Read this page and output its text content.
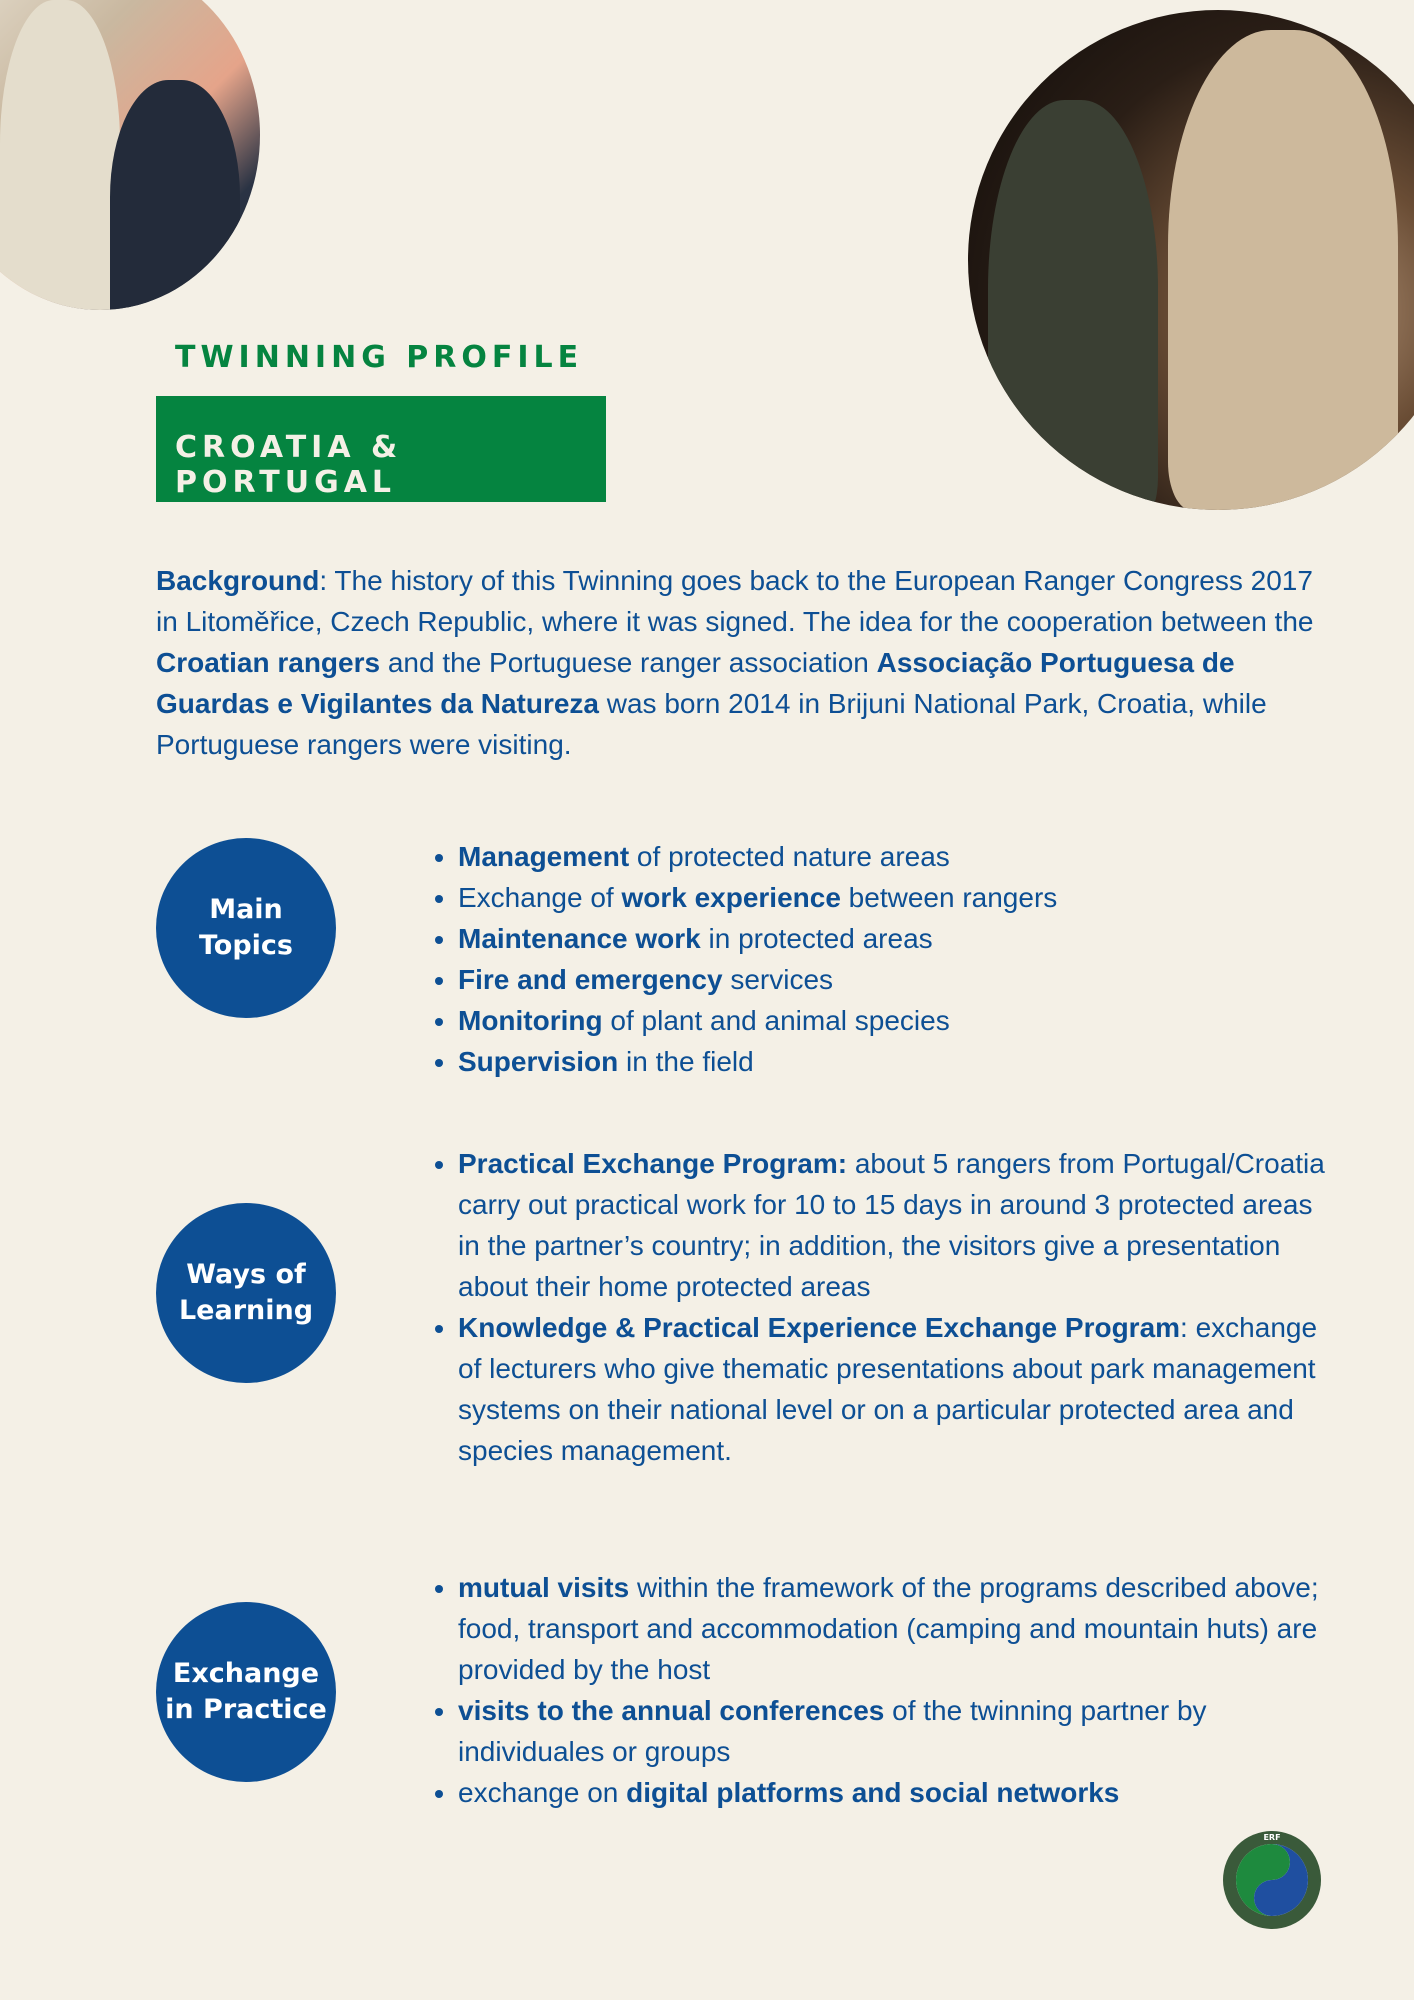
TWINNING PROFILE
CROATIA & PORTUGAL
Background: The history of this Twinning goes back to the European Ranger Congress 2017 in Litoměřice, Czech Republic, where it was signed. The idea for the cooperation between the Croatian rangers and the Portuguese ranger association Associação Portuguesa de Guardas e Vigilantes da Natureza was born 2014 in Brijuni National Park, Croatia, while Portuguese rangers were visiting.
Main
Topics
• Management of protected nature areas
• Exchange of work experience between rangers
• Maintenance work in protected areas
• Fire and emergency services
• Monitoring of plant and animal species
• Supervision in the field
Ways of
Learning
• Practical Exchange Program: about 5 rangers from Portugal/Croatia carry out practical work for 10 to 15 days in around 3 protected areas in the partner’s country; in addition, the visitors give a presentation about their home protected areas
• Knowledge & Practical Experience Exchange Program: exchange of lecturers who give thematic presentations about park management systems on their national level or on a particular protected area and species management.
Exchange
in Practice
• mutual visits within the framework of the programs described above; food, transport and accommodation (camping and mountain huts) are provided by the host
• visits to the annual conferences of the twinning partner by individuales or groups
• exchange on digital platforms and social networks
ERF
